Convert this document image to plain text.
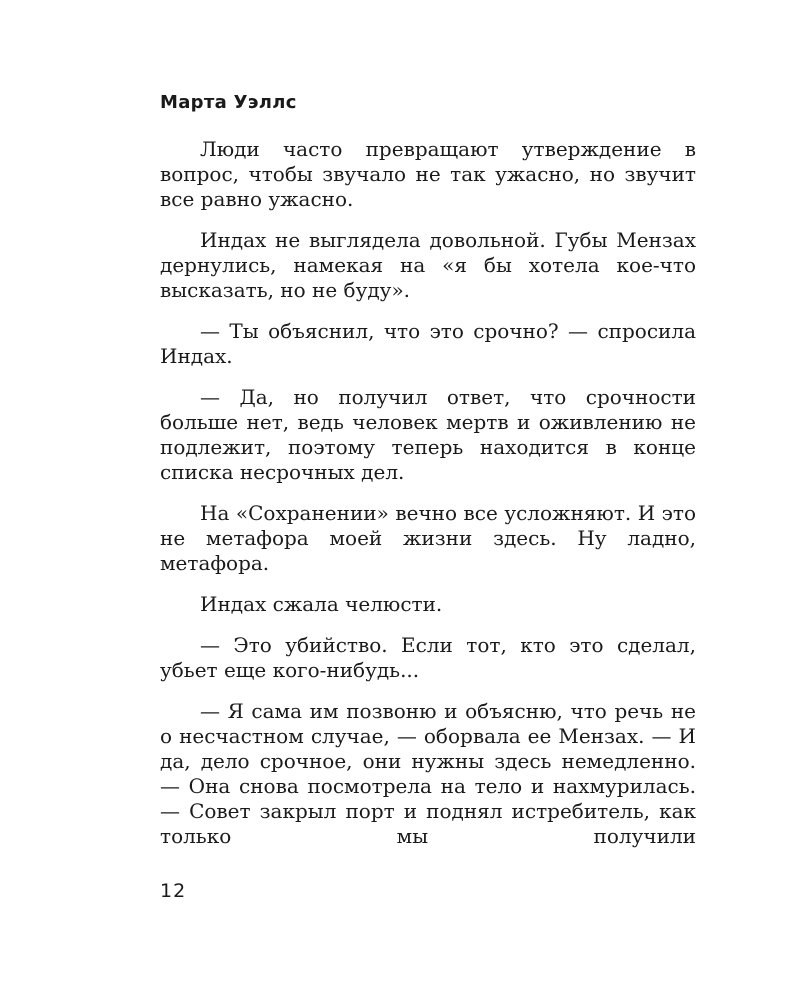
Марта Уэллс

Люди часто превращают утверждение в вопрос, чтобы звучало не так ужасно, но звучит все равно ужасно.

Индах не выглядела довольной. Губы Мензах дернулись, намекая на «я бы хотела кое-что высказать, но не буду».

— Ты объяснил, что это срочно? — спросила Индах.

— Да, но получил ответ, что срочности больше нет, ведь человек мертв и оживлению не подлежит, поэтому теперь находится в конце списка несрочных дел.

На «Сохранении» вечно все усложняют. И это не метафора моей жизни здесь. Ну ладно, метафора.

Индах сжала челюсти.

— Это убийство. Если тот, кто это сделал, убьет еще кого-нибудь...

— Я сама им позвоню и объясню, что речь не о несчастном случае, — оборвала ее Мензах. — И да, дело срочное, они нужны здесь немедленно. — Она снова посмотрела на тело и нахмурилась. — Совет закрыл порт и поднял истребитель, как только мы получили

12
